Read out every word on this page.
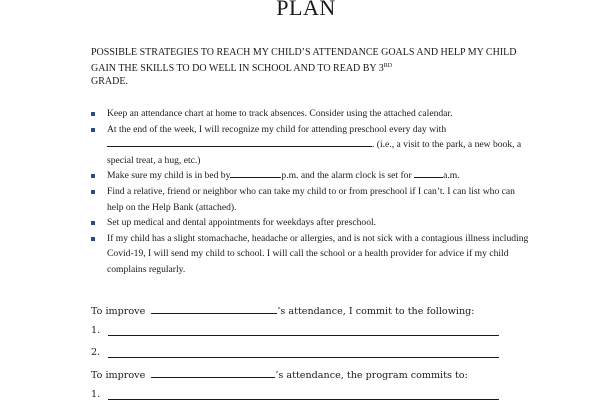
PLAN

POSSIBLE STRATEGIES TO REACH MY CHILD’S ATTENDANCE GOALS AND HELP MY CHILD GAIN THE SKILLS TO DO WELL IN SCHOOL AND TO READ BY 3RD
GRADE.

Keep an attendance chart at home to track absences. Consider using the attached calendar.
At the end of the week, I will recognize my child for attending preschool every day with
. (i.e., a visit to the park, a new book, a special treat, a hug, etc.)
Make sure my child is in bed by	p.m. and the alarm clock is set for	a.m.
Find a relative, friend or neighbor who can take my child to or from preschool if I can’t. I can list who can help on the Help Bank (attached).
Set up medical and dental appointments for weekdays after preschool.
If my child has a slight stomachache, headache or allergies, and is not sick with a contagious illness including Covid-19, I will send my child to school. I will call the school or a health provider for advice if my child complains regularly.

To improve	’s attendance, I commit to the following:

1.
2.

To improve	’s attendance, the program commits to:

1.
